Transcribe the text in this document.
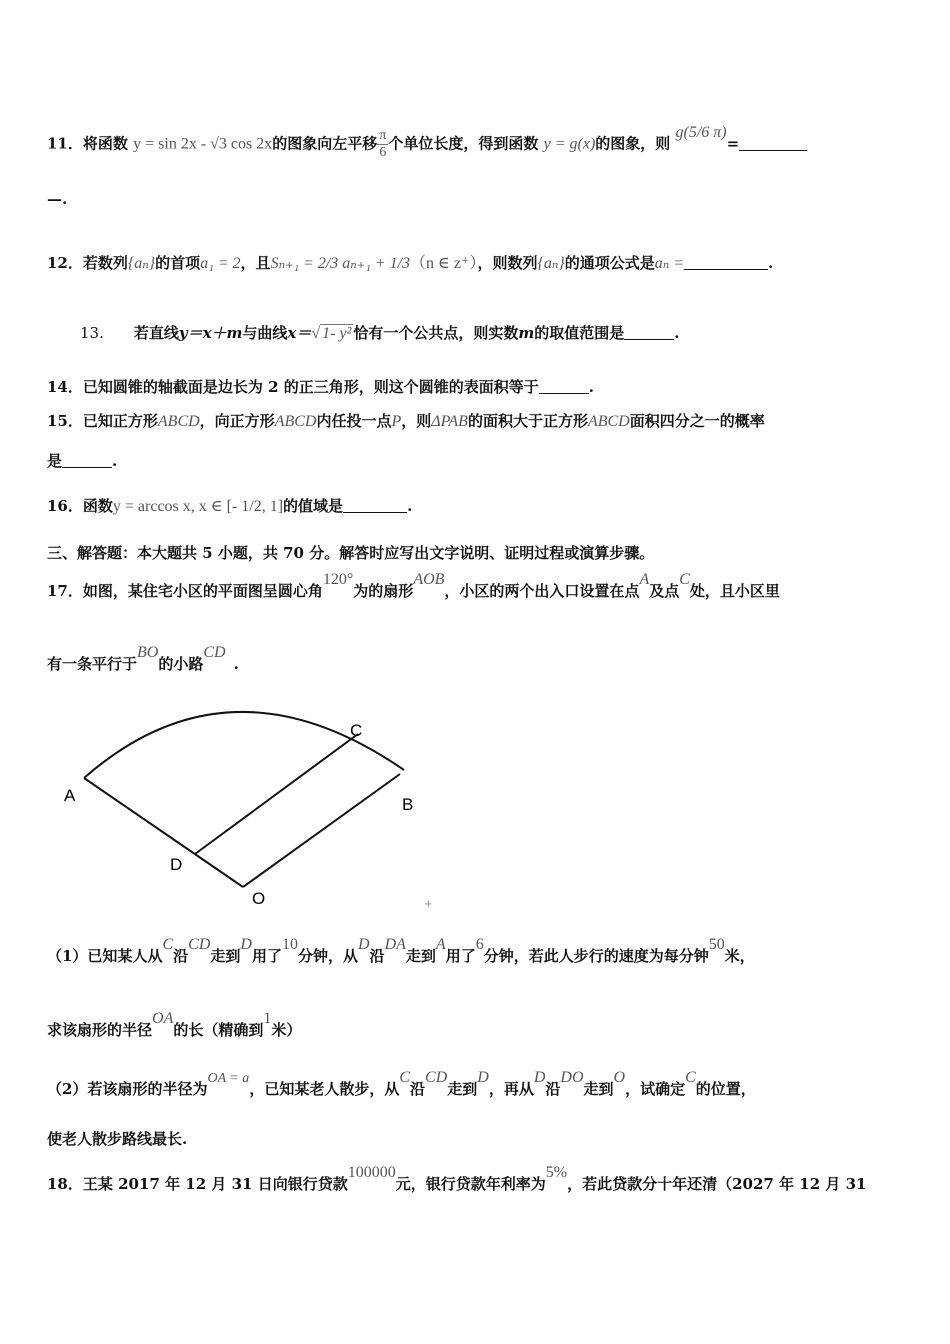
11．将函数 y = sin 2x - √3 cos 2x的图象向左平移 $\frac{\pi}{6}$ 个单位长度，得到函数 y = g(x)的图象，则 g(5/6 π)=
—.
12．若数列{aₙ}的首项a₁ = 2，且Sₙ₊₁ = 2/3 aₙ₊₁ + 1/3（n ∈ z⁺），则数列{aₙ}的通项公式是aₙ =	.
13. 若直线y＝x＋m与曲线x＝√ 1- y² 恰有一个公共点，则实数m的取值范围是	.
14．已知圆锥的轴截面是边长为 2 的正三角形，则这个圆锥的表面积等于	.
15．已知正方形ABCD，向正方形ABCD内任投一点P，则ΔPAB的面积大于正方形ABCD面积四分之一的概率
是	.
16．函数y = arccos x, x ∈ [- 1/2, 1]的值域是	.
三、解答题：本大题共 5 小题，共 70 分。解答时应写出文字说明、证明过程或演算步骤。
17．如图，某住宅小区的平面图呈圆心角120°为的扇形AOB，小区的两个出入口设置在点A及点C处，且小区里
有一条平行于BO的小路CD.
A	B
C
D
O	+
（1）已知某人从C沿CD走到D用了10分钟，从D沿DA走到A用了6分钟，若此人步行的速度为每分钟50米，
求该扇形的半径OA的长（精确到1米）
（2）若该扇形的半径为OA = a，已知某老人散步，从C沿CD走到D，再从D沿DO走到O，试确定C的位置，
使老人散步路线最长.
18．王某 2017 年 12 月 31 日向银行贷款100000元，银行贷款年利率为5%，若此贷款分十年还清（2027 年 12 月 31
